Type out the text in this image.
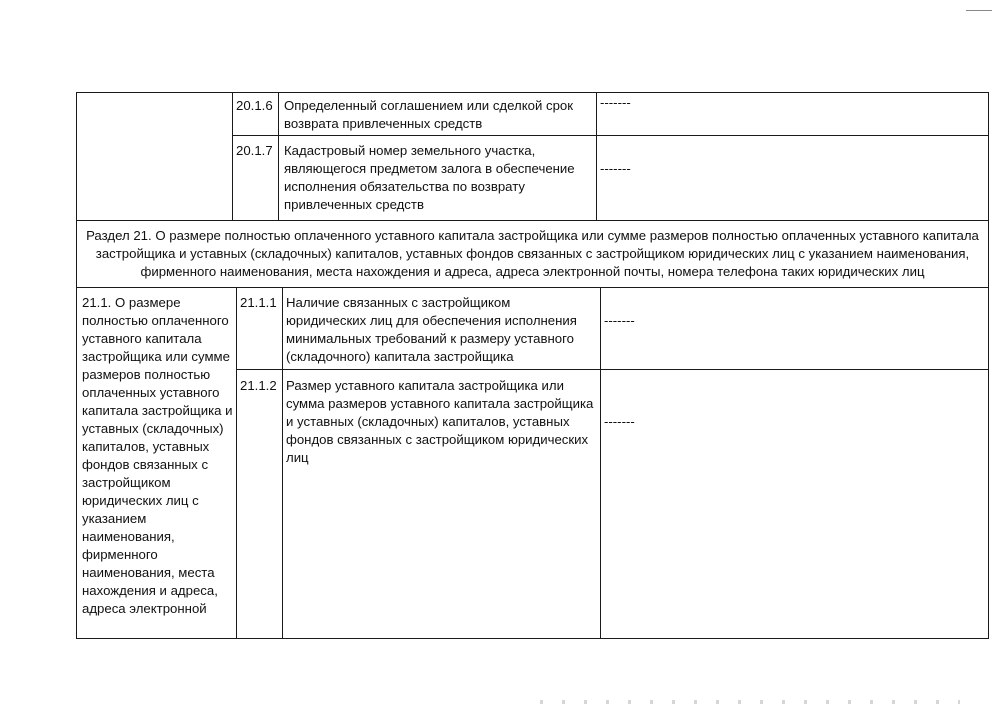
20.1.6 Определенный соглашением или сделкой срок возврата привлеченных средств
-------
20.1.7 Кадастровый номер земельного участка, являющегося предметом залога в обеспечение исполнения обязательства по возврату привлеченных средств
-------
Раздел 21. О размере полностью оплаченного уставного капитала застройщика или сумме размеров полностью оплаченных уставного капитала застройщика и уставных (складочных) капиталов, уставных фондов связанных с застройщиком юридических лиц с указанием наименования, фирменного наименования, места нахождения и адреса, адреса электронной почты, номера телефона таких юридических лиц
21.1. О размере полностью оплаченного уставного капитала застройщика или сумме размеров полностью оплаченных уставного капитала застройщика и уставных (складочных) капиталов, уставных фондов связанных с застройщиком юридических лиц с указанием наименования, фирменного наименования, места нахождения и адреса, адреса электронной
21.1.1 Наличие связанных с застройщиком юридических лиц для обеспечения исполнения минимальных требований к размеру уставного (складочного) капитала застройщика
-------
21.1.2 Размер уставного капитала застройщика или сумма размеров уставного капитала застройщика и уставных (складочных) капиталов, уставных фондов связанных с застройщиком юридических лиц
-------
